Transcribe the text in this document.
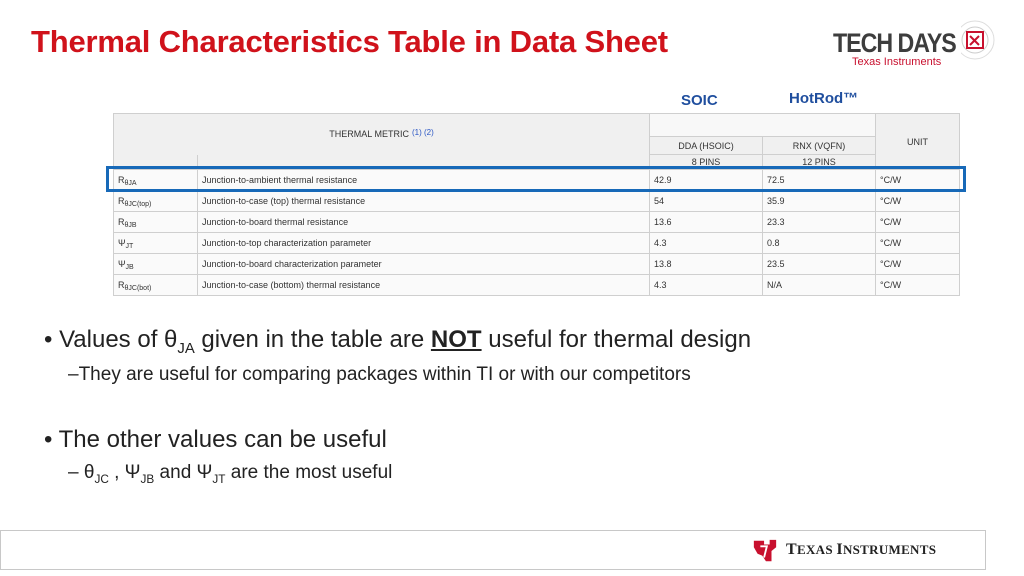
Thermal Characteristics Table in Data Sheet	TECH DAYS
Texas Instruments
SOIC	HotRod™
THERMAL METRIC (1) (2)				UNIT
		DDA (HSOIC)	RNX (VQFN)	
		8 PINS	12 PINS	
$R_{\theta JA}$	Junction-to-ambient thermal resistance	42.9	72.5	°C/W
$R_{\theta JC(top)}$	Junction-to-case (top) thermal resistance	54	35.9	°C/W
$R_{\theta JB}$	Junction-to-board thermal resistance	13.6	23.3	°C/W
$\Psi_{JT}$	Junction-to-top characterization parameter	4.3	0.8	°C/W
$\Psi_{JB}$	Junction-to-board characterization parameter	13.8	23.5	°C/W
$R_{\theta JC(bot)}$	Junction-to-case (bottom) thermal resistance	4.3	N/A	°C/W
• Values of $\theta_{JA}$ given in the table are NOT useful for thermal design
–They are useful for comparing packages within TI or with our competitors
• The other values can be useful
– $\theta_{JC}$ , $\Psi_{JB}$ and $\Psi_{JT}$ are the most useful
TEXAS INSTRUMENTS
